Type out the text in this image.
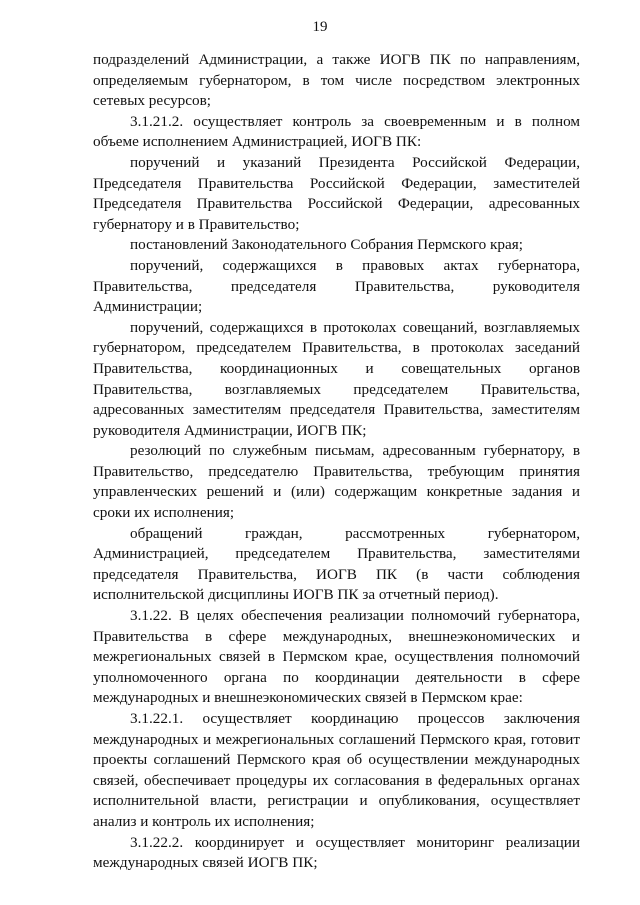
19

подразделений Администрации, а также ИОГВ ПК по направлениям, определяемым губернатором, в том числе посредством электронных сетевых ресурсов;

3.1.21.2. осуществляет контроль за своевременным и в полном объеме исполнением Администрацией, ИОГВ ПК:

поручений и указаний Президента Российской Федерации, Председателя Правительства Российской Федерации, заместителей Председателя Правительства Российской Федерации, адресованных губернатору и в Правительство;

постановлений Законодательного Собрания Пермского края;

поручений, содержащихся в правовых актах губернатора, Правительства, председателя Правительства, руководителя Администрации;

поручений, содержащихся в протоколах совещаний, возглавляемых губернатором, председателем Правительства, в протоколах заседаний Правительства, координационных и совещательных органов Правительства, возглавляемых председателем Правительства, адресованных заместителям председателя Правительства, заместителям руководителя Администрации, ИОГВ ПК;

резолюций по служебным письмам, адресованным губернатору, в Правительство, председателю Правительства, требующим принятия управленческих решений и (или) содержащим конкретные задания и сроки их исполнения;

обращений граждан, рассмотренных губернатором, Администрацией, председателем Правительства, заместителями председателя Правительства, ИОГВ ПК (в части соблюдения исполнительской дисциплины ИОГВ ПК за отчетный период).

3.1.22. В целях обеспечения реализации полномочий губернатора, Правительства в сфере международных, внешнеэкономических и межрегиональных связей в Пермском крае, осуществления полномочий уполномоченного органа по координации деятельности в сфере международных и внешнеэкономических связей в Пермском крае:

3.1.22.1. осуществляет координацию процессов заключения международных и межрегиональных соглашений Пермского края, готовит проекты соглашений Пермского края об осуществлении международных связей, обеспечивает процедуры их согласования в федеральных органах исполнительной власти, регистрации и опубликования, осуществляет анализ и контроль их исполнения;

3.1.22.2. координирует и осуществляет мониторинг реализации международных связей ИОГВ ПК;
